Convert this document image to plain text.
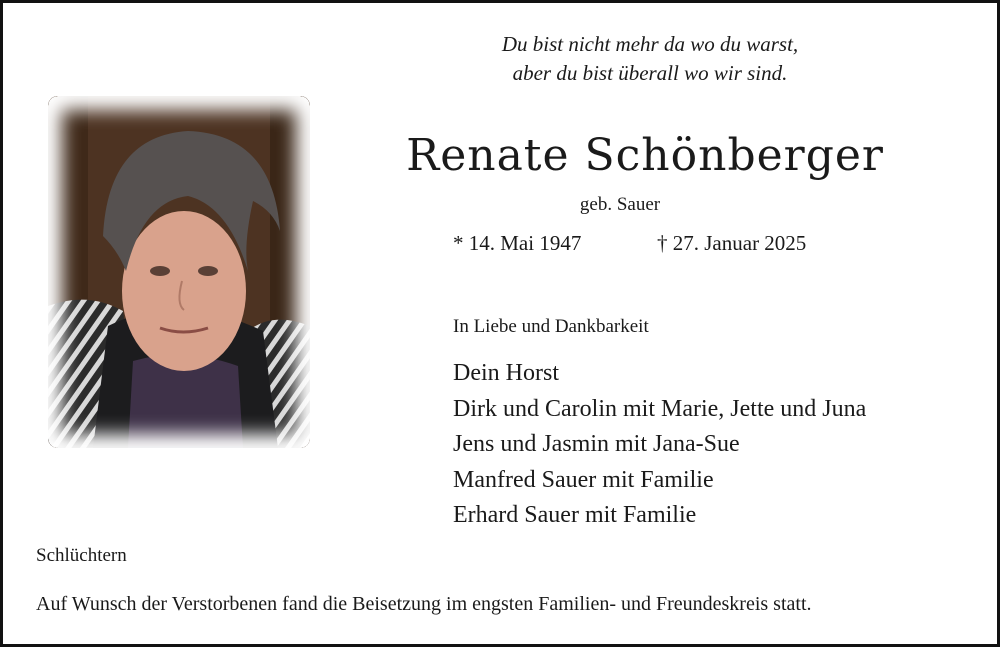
Du bist nicht mehr da wo du warst,
aber du bist überall wo wir sind.
Renate Schönberger
geb. Sauer
* 14. Mai 1947	† 27. Januar 2025
In Liebe und Dankbarkeit
Dein Horst
Dirk und Carolin mit Marie, Jette und Juna
Jens und Jasmin mit Jana-Sue
Manfred Sauer mit Familie
Erhard Sauer mit Familie
Schlüchtern
Auf Wunsch der Verstorbenen fand die Beisetzung im engsten Familien- und Freundeskreis statt.
